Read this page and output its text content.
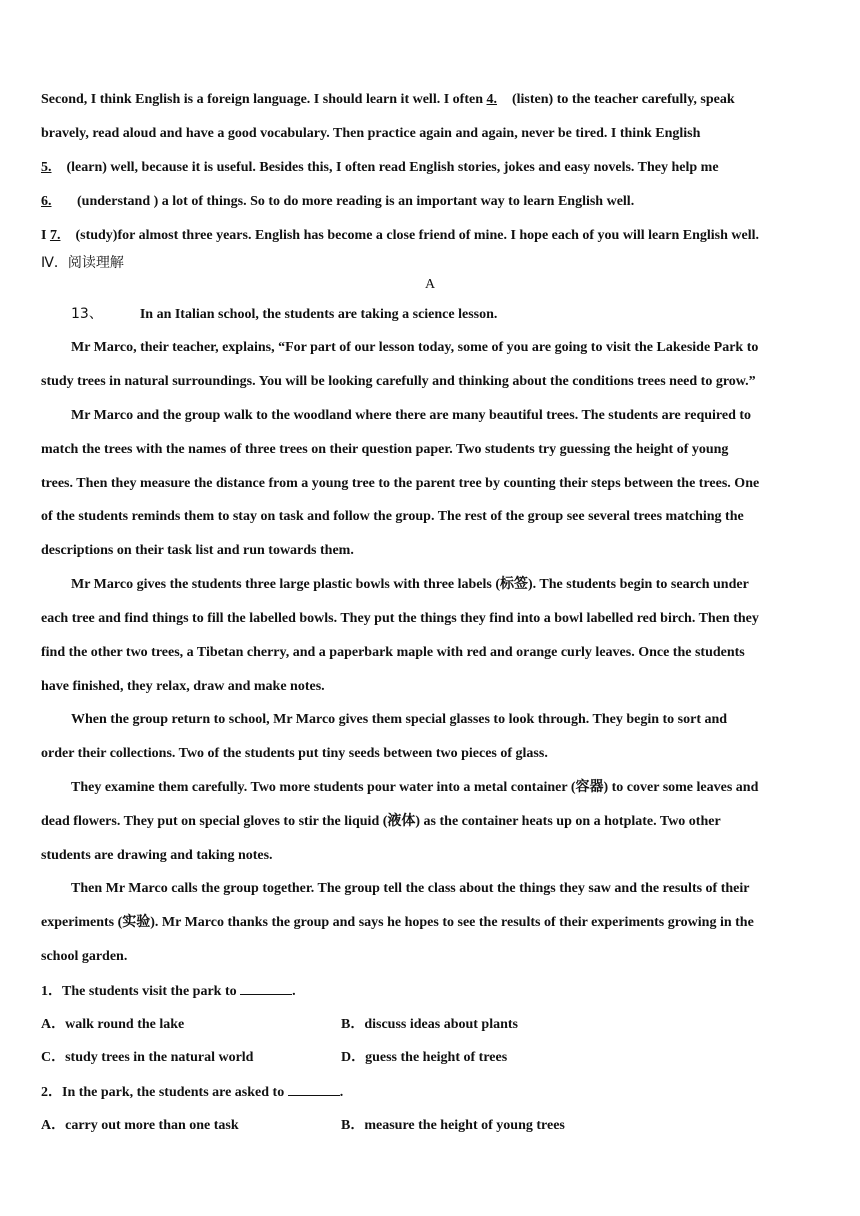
Second, I think English is a foreign language. I should learn it well. I often 4. (listen) to the teacher carefully, speak
bravely, read aloud and have a good vocabulary. Then practice again and again, never be tired. I think English
5. (learn) well, because it is useful. Besides this, I often read English stories, jokes and easy novels. They help me
6. (understand ) a lot of things. So to do more reading is an important way to learn English well.
I 7. (study)for almost three years. English has become a close friend of mine. I hope each of you will learn English well.
Ⅳ．阅读理解
A
13、	In an Italian school, the students are taking a science lesson.
Mr Marco, their teacher, explains, “For part of our lesson today, some of you are going to visit the Lakeside Park to
study trees in natural surroundings. You will be looking carefully and thinking about the conditions trees need to grow.”
Mr Marco and the group walk to the woodland where there are many beautiful trees. The students are required to
match the trees with the names of three trees on their question paper. Two students try guessing the height of young
trees. Then they measure the distance from a young tree to the parent tree by counting their steps between the trees. One
of the students reminds them to stay on task and follow the group. The rest of the group see several trees matching the
descriptions on their task list and run towards them.
Mr Marco gives the students three large plastic bowls with three labels (标签). The students begin to search under
each tree and find things to fill the labelled bowls. They put the things they find into a bowl labelled red birch. Then they
find the other two trees, a Tibetan cherry, and a paperbark maple with red and orange curly leaves. Once the students
have finished, they relax, draw and make notes.
When the group return to school, Mr Marco gives them special glasses to look through. They begin to sort and
order their collections. Two of the students put tiny seeds between two pieces of glass.
They examine them carefully. Two more students pour water into a metal container (容器) to cover some leaves and
dead flowers. They put on special gloves to stir the liquid (液体) as the container heats up on a hotplate. Two other
students are drawing and taking notes.
Then Mr Marco calls the group together. The group tell the class about the things they saw and the results of their
experiments (实验). Mr Marco thanks the group and says he hopes to see the results of their experiments growing in the
school garden.
1．The students visit the park to	.
A．walk round the lake	B．discuss ideas about plants
C．study trees in the natural world	D．guess the height of trees
2．In the park, the students are asked to	.
A．carry out more than one task	B．measure the height of young trees
